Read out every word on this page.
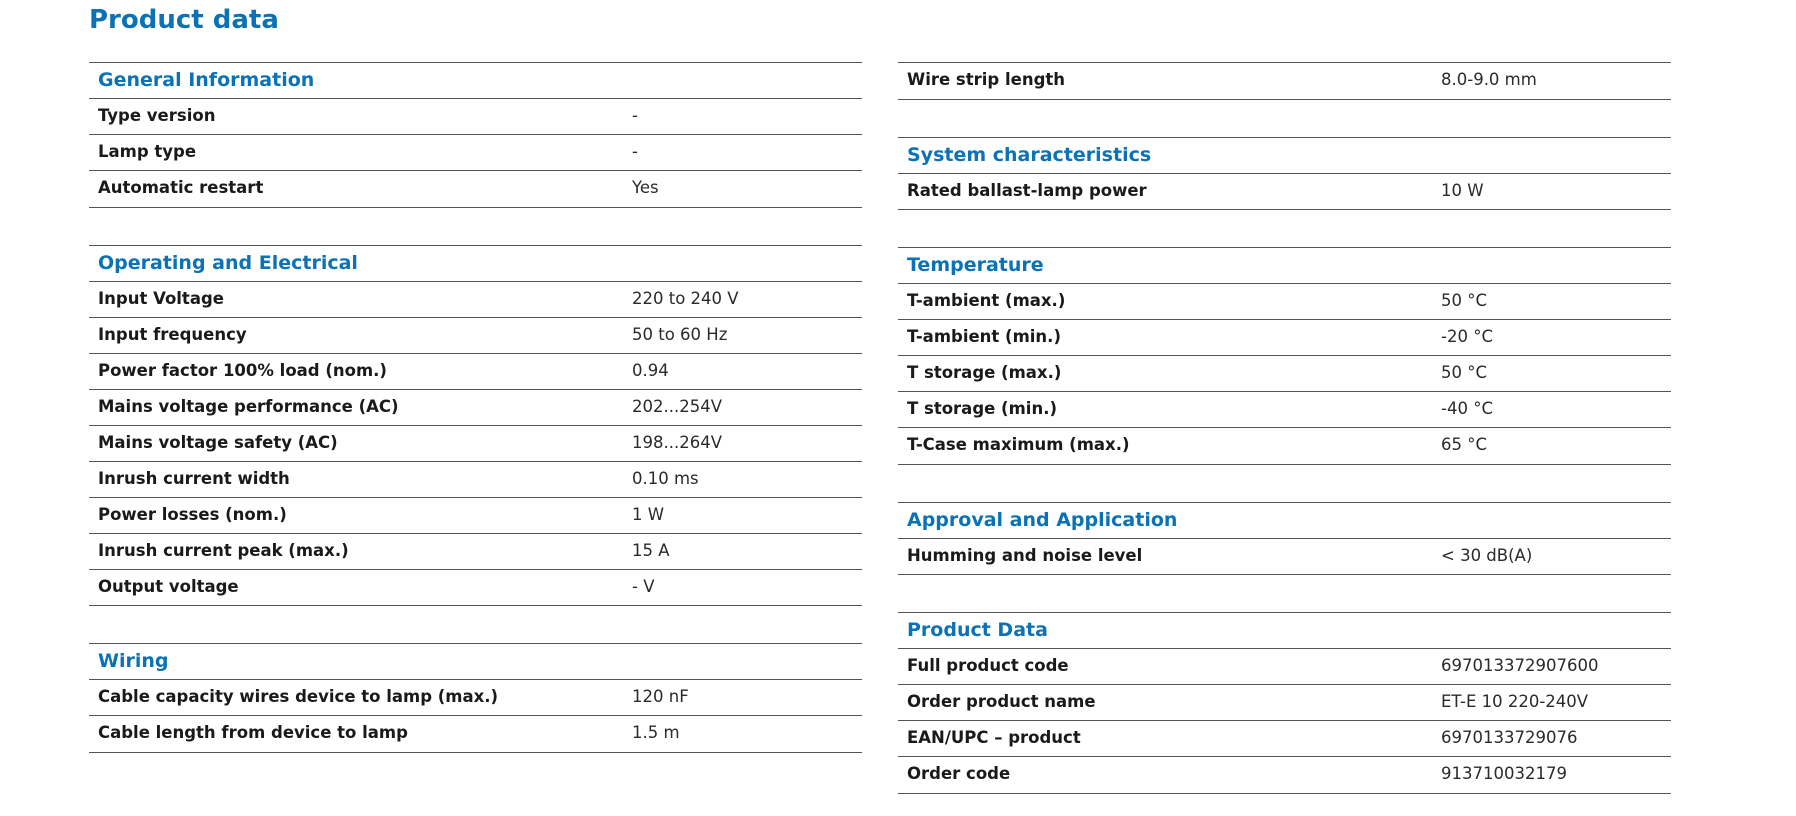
Product data
General Information
Type version	-
Lamp type	-
Automatic restart	Yes
Operating and Electrical
Input Voltage	220 to 240 V
Input frequency	50 to 60 Hz
Power factor 100% load (nom.)	0.94
Mains voltage performance (AC)	202...254V
Mains voltage safety (AC)	198...264V
Inrush current width	0.10 ms
Power losses (nom.)	1 W
Inrush current peak (max.)	15 A
Output voltage	- V
Wiring
Cable capacity wires device to lamp (max.)	120 nF
Cable length from device to lamp	1.5 m
Wire strip length	8.0-9.0 mm
System characteristics
Rated ballast-lamp power	10 W
Temperature
T-ambient (max.)	50 °C
T-ambient (min.)	-20 °C
T storage (max.)	50 °C
T storage (min.)	-40 °C
T-Case maximum (max.)	65 °C
Approval and Application
Humming and noise level	< 30 dB(A)
Product Data
Full product code	697013372907600
Order product name	ET-E 10 220-240V
EAN/UPC – product	6970133729076
Order code	913710032179
